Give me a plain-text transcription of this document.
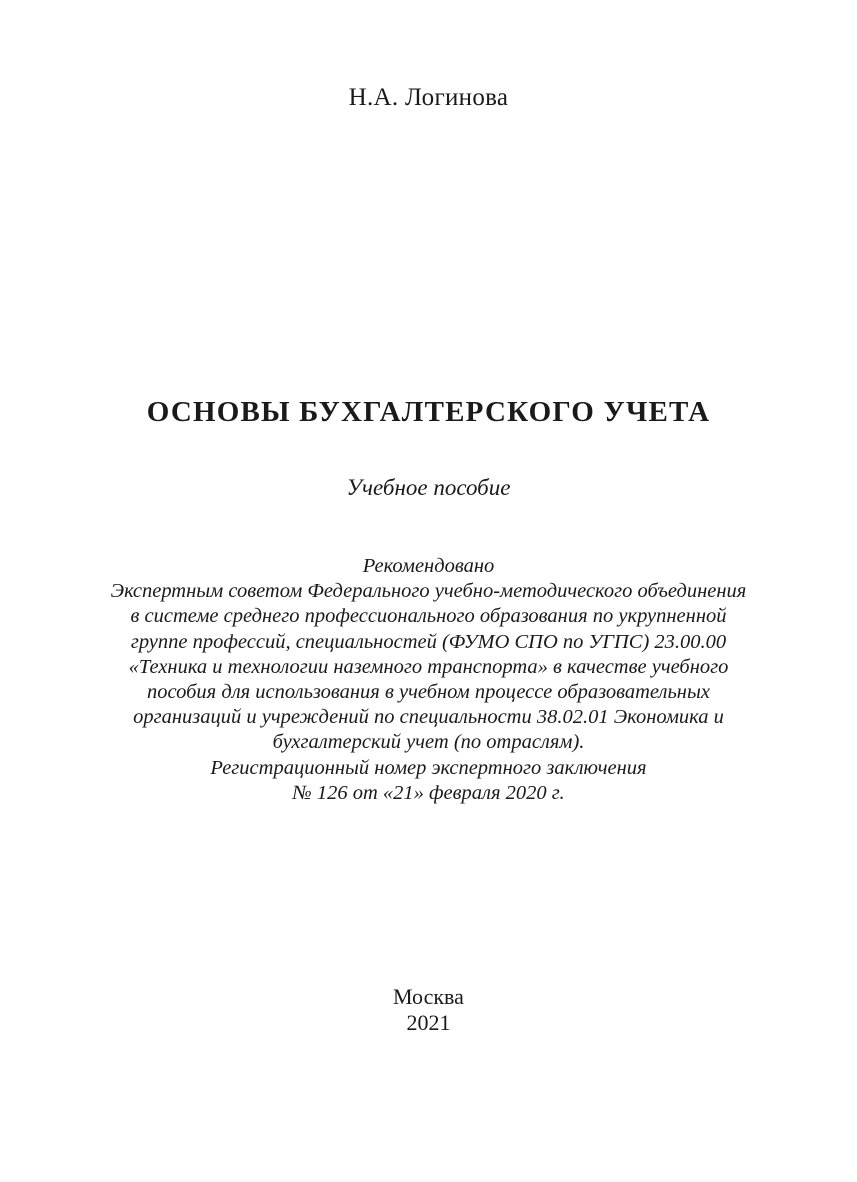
Н.А. Логинова
ОСНОВЫ БУХГАЛТЕРСКОГО УЧЕТА
Учебное пособие
Рекомендовано
Экспертным советом Федерального учебно-методического объединения
в системе среднего профессионального образования по укрупненной
группе профессий, специальностей (ФУМО СПО по УГПС) 23.00.00
«Техника и технологии наземного транспорта» в качестве учебного
пособия для использования в учебном процессе образовательных
организаций и учреждений по специальности 38.02.01 Экономика и
бухгалтерский учет (по отраслям).
Регистрационный номер экспертного заключения
№ 126 от «21» февраля 2020 г.
Москва
2021
